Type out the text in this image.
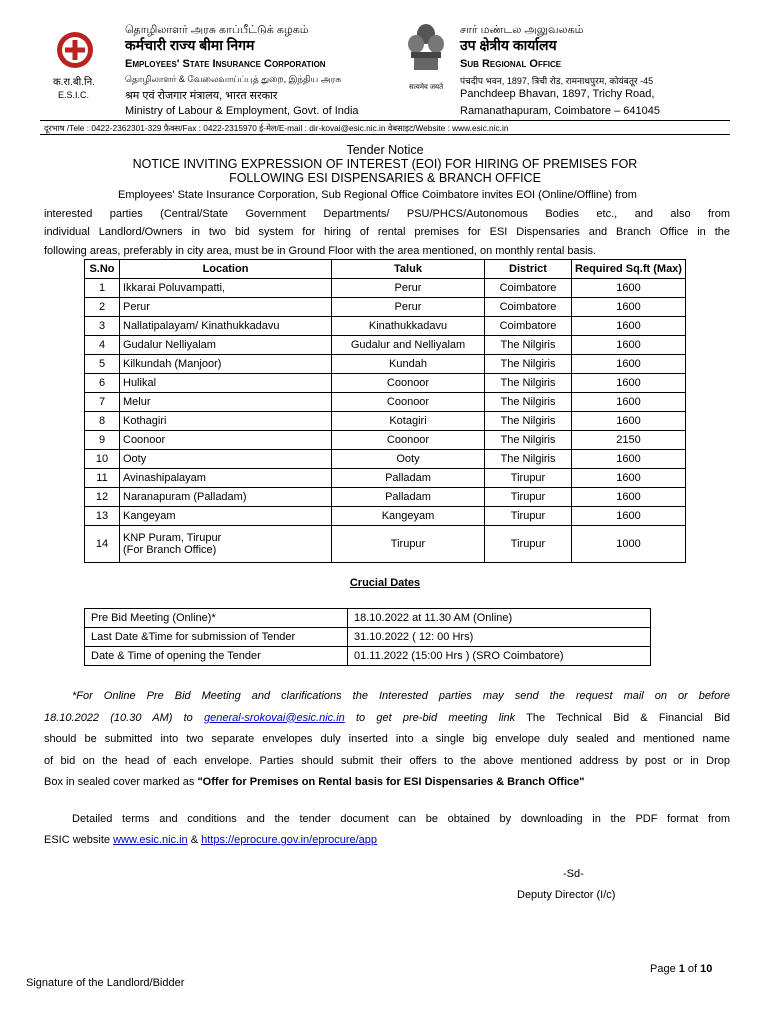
தொழிலாளர் அரசு காப்பீட்டுக் கழகம்
कर्मचारी राज्य बीमा निगम
Employees' State Insurance Corporation
தொழிலாளர் & வேலைவாய்ப்புத் துறை, இந்திய அரசு
श्रम एवं रोजगार मंत्रालय, भारत सरकार
Ministry of Labour & Employment, Govt. of India
क.रा.बी.नि.
E.S.I.C.
सत्यमेव जयते
சார் மண்டல அலுவலகம்
उप क्षेत्रीय कार्यालय
Sub Regional Office
पंचदीप भवन, 1897, त्रिची रोड, रामनाथपुरम, कोयंबतूर -45
Panchdeep Bhavan, 1897, Trichy Road,
Ramanathapuram, Coimbatore – 641045
दूरभाष /Tele : 0422-2362301-329 फ़ैक्स/Fax : 0422-2315970 ई-मेल/E-mail : dir-kovai@esic.nic.in वेबसाइट/Website : www.esic.nic.in
Tender Notice
NOTICE INVITING EXPRESSION OF INTEREST (EOI) FOR HIRING OF PREMISES FOR
FOLLOWING ESI DISPENSARIES & BRANCH OFFICE
Employees' State Insurance Corporation, Sub Regional Office Coimbatore invites EOI (Online/Offline) from
interested parties (Central/State Government Departments/ PSU/PHCS/Autonomous Bodies etc., and also from
individual Landlord/Owners in two bid system for hiring of rental premises for ESI Dispensaries and Branch Office in the
following areas, preferably in city area, must be in Ground Floor with the area mentioned, on monthly rental basis.
S.No	Location	Taluk	District	Required Sq.ft (Max)
1	Ikkarai Poluvampatti,	Perur	Coimbatore	1600
2	Perur	Perur	Coimbatore	1600
3	Nallatipalayam/ Kinathukkadavu	Kinathukkadavu	Coimbatore	1600
4	Gudalur Nelliyalam	Gudalur and Nelliyalam	The Nilgiris	1600
5	Kilkundah (Manjoor)	Kundah	The Nilgiris	1600
6	Hulikal	Coonoor	The Nilgiris	1600
7	Melur	Coonoor	The Nilgiris	1600
8	Kothagiri	Kotagiri	The Nilgiris	1600
9	Coonoor	Coonoor	The Nilgiris	2150
10	Ooty	Ooty	The Nilgiris	1600
11	Avinashipalayam	Palladam	Tirupur	1600
12	Naranapuram (Palladam)	Palladam	Tirupur	1600
13	Kangeyam	Kangeyam	Tirupur	1600
14	KNP Puram, Tirupur
(For Branch Office)	Tirupur	Tirupur	1000
Crucial Dates
Pre Bid Meeting (Online)*	18.10.2022 at 11.30 AM (Online)
Last Date &Time for submission of Tender	31.10.2022 ( 12: 00 Hrs)
Date & Time of opening the Tender	01.11.2022 (15:00 Hrs ) (SRO Coimbatore)
*For Online Pre Bid Meeting and clarifications the Interested parties may send the request mail on or before
18.10.2022 (10.30 AM) to general-srokovai@esic.nic.in to get pre-bid meeting link The Technical Bid & Financial Bid
should be submitted into two separate envelopes duly inserted into a single big envelope duly sealed and mentioned name
of bid on the head of each envelope. Parties should submit their offers to the above mentioned address by post or in Drop
Box in sealed cover marked as "Offer for Premises on Rental basis for ESI Dispensaries & Branch Office"
Detailed terms and conditions and the tender document can be obtained by downloading in the PDF format from
ESIC website www.esic.nic.in & https://eprocure.gov.in/eprocure/app
-Sd-
Deputy Director (I/c)
Page 1 of 10
Signature of the Landlord/Bidder
